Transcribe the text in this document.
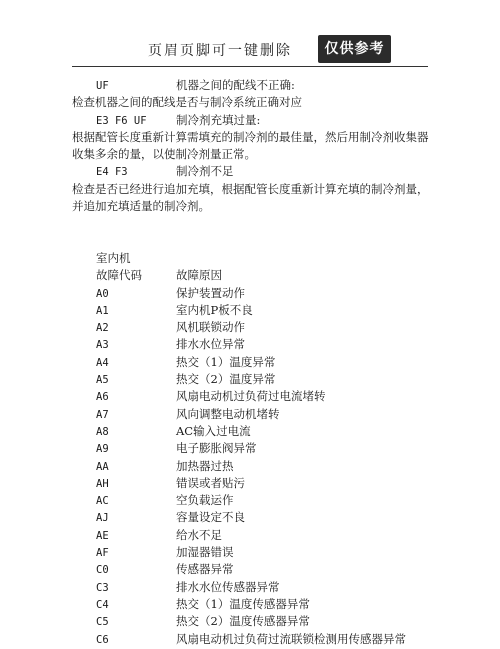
页眉页脚可一键删除	仅供参考
UF	机器之间的配线不正确:
检查机器之间的配线是否与制冷系统正确对应
E3 F6 UF	制冷剂充填过量:
根据配管长度重新计算需填充的制冷剂的最佳量，然后用制冷剂收集器收集多余的量，以使制冷剂量正常。
E4 F3	制冷剂不足
检查是否已经进行追加充填，根据配管长度重新计算充填的制冷剂量，并追加充填适量的制冷剂。
室内机
故障代码	故障原因
A0	保护装置动作
A1	室内机P板不良
A2	风机联锁动作
A3	排水水位异常
A4	热交（1）温度异常
A5	热交（2）温度异常
A6	风扇电动机过负荷过电流堵转
A7	风向调整电动机堵转
A8	AC输入过电流
A9	电子膨胀阀异常
AA	加热器过热
AH	错误或者贴污
AC	空负载运作
AJ	容量设定不良
AE	给水不足
AF	加湿器错误
C0	传感器异常
C3	排水水位传感器异常
C4	热交（1）温度传感器异常
C5	热交（2）温度传感器异常
C6	风扇电动机过负荷过流联锁检测用传感器异常
